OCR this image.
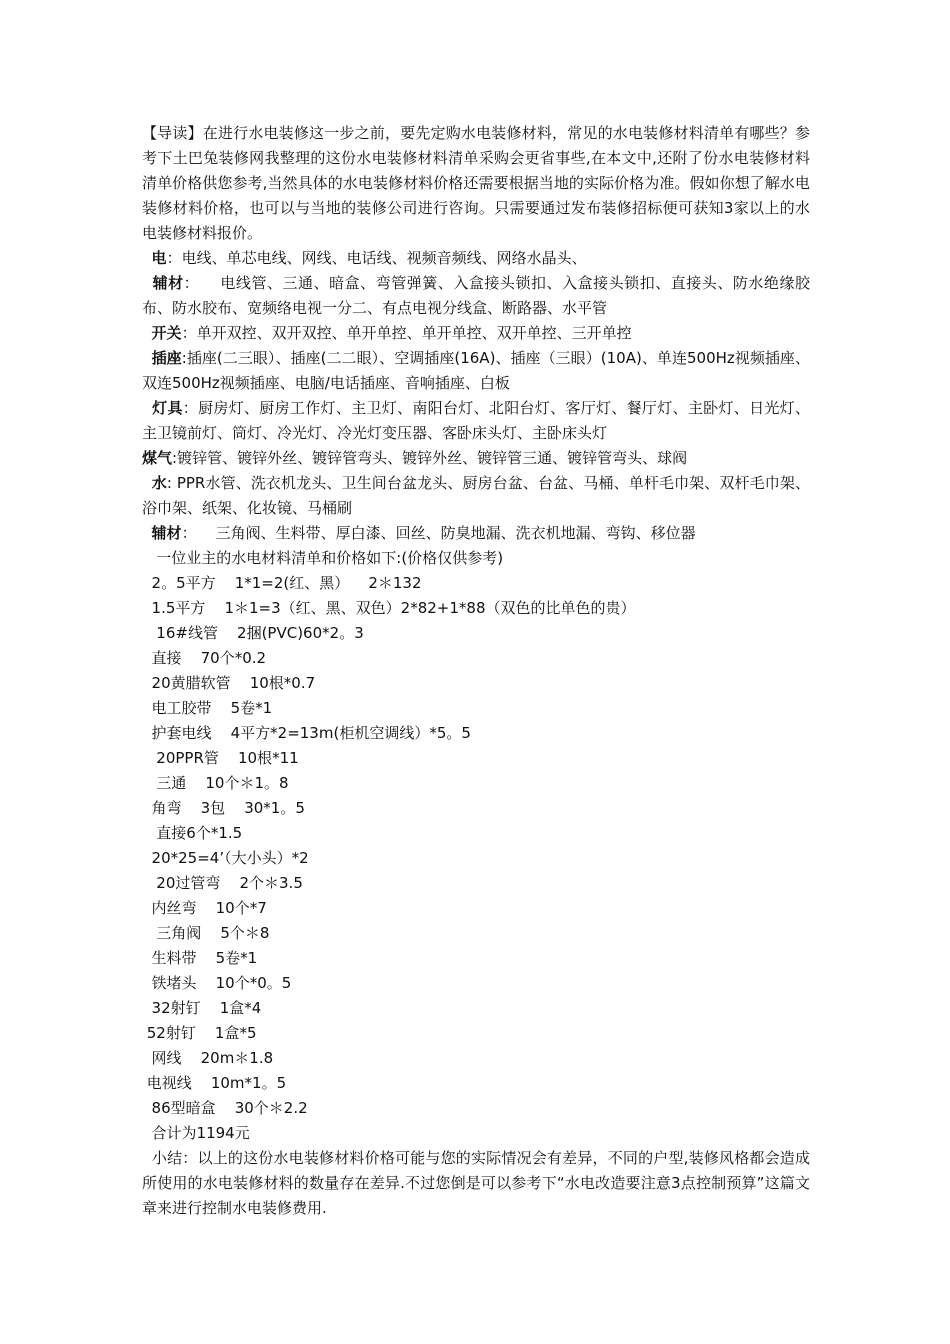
【导读】在进行水电装修这一步之前，要先定购水电装修材料，常见的水电装修材料清单有哪些？参考下土巴兔装修网我整理的这份水电装修材料清单采购会更省事些,在本文中,还附了份水电装修材料清单价格供您参考,当然具体的水电装修材料价格还需要根据当地的实际价格为准。假如你想了解水电装修材料价格，也可以与当地的装修公司进行咨询。只需要通过发布装修招标便可获知3家以上的水电装修材料报价。

电：电线、单芯电线、网线、电话线、视频音频线、网络水晶头、

辅材：    电线管、三通、暗盒、弯管弹簧、入盒接头锁扣、入盒接头锁扣、直接头、防水绝缘胶布、防水胶布、宽频络电视一分二、有点电视分线盒、断路器、水平管

开关：单开双控、双开双控、单开单控、单开单控、双开单控、三开单控

插座:插座(二三眼）、插座(二二眼）、空调插座(16A)、插座（三眼）(10A)、单连500Hz视频插座、双连500Hz视频插座、电脑/电话插座、音响插座、白板

灯具：厨房灯、厨房工作灯、主卫灯、南阳台灯、北阳台灯、客厅灯、餐厅灯、主卧灯、日光灯、主卫镜前灯、筒灯、冷光灯、冷光灯变压器、客卧床头灯、主卧床头灯

煤气:镀锌管、镀锌外丝、镀锌管弯头、镀锌外丝、镀锌管三通、镀锌管弯头、球阀

水: PPR水管、洗衣机龙头、卫生间台盆龙头、厨房台盆、台盆、马桶、单杆毛巾架、双杆毛巾架、浴巾架、纸架、化妆镜、马桶刷

辅材：    三角阀、生料带、厚白漆、回丝、防臭地漏、洗衣机地漏、弯钩、移位器

一位业主的水电材料清单和价格如下:(价格仅供参考)

2。5平方    1*1=2(红、黑）    2＊132

1.5平方    1＊1=3（红、黑、双色）2*82+1*88（双色的比单色的贵）

16#线管    2捆(PVC)60*2。3

直接    70个*0.2

20黄腊软管    10根*0.7

电工胶带    5卷*1

护套电线    4平方*2=13m(柜机空调线）*5。5

20PPR管    10根*11

三通    10个＊1。8

角弯    3包    30*1。5

直接6个*1.5

20*25=4’（大小头）*2

20过管弯    2个＊3.5

内丝弯    10个*7

三角阀    5个＊8

生料带    5卷*1

铁堵头    10个*0。5

32射钉    1盒*4

52射钉    1盒*5

网线    20m＊1.8

电视线    10m*1。5

86型暗盒    30个＊2.2

合计为1194元

小结：以上的这份水电装修材料价格可能与您的实际情况会有差异，不同的户型,装修风格都会造成所使用的水电装修材料的数量存在差异.不过您倒是可以参考下“水电改造要注意3点控制预算”这篇文章来进行控制水电装修费用.
